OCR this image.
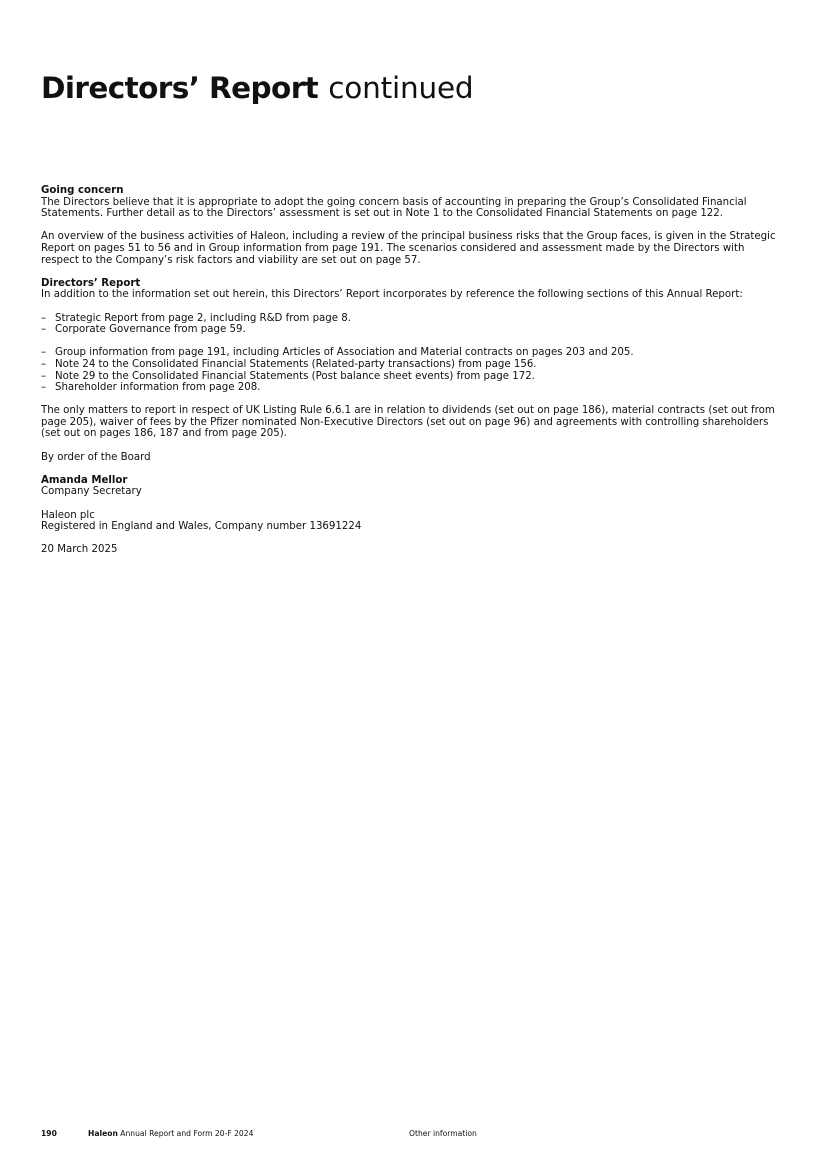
Directors’ Report continued

Going concern

The Directors believe that it is appropriate to adopt the going concern basis of accounting in preparing the Group’s Consolidated Financial Statements. Further detail as to the Directors’ assessment is set out in Note 1 to the Consolidated Financial Statements on page 122.

An overview of the business activities of Haleon, including a review of the principal business risks that the Group faces, is given in the Strategic Report on pages 51 to 56 and in Group information from page 191. The scenarios considered and assessment made by the Directors with respect to the Company’s risk factors and viability are set out on page 57.

Directors’ Report

In addition to the information set out herein, this Directors’ Report incorporates by reference the following sections of this Annual Report:

– Strategic Report from page 2, including R&D from page 8.
– Corporate Governance from page 59.
– Group information from page 191, including Articles of Association and Material contracts on pages 203 and 205.
– Note 24 to the Consolidated Financial Statements (Related-party transactions) from page 156.
– Note 29 to the Consolidated Financial Statements (Post balance sheet events) from page 172.
– Shareholder information from page 208.

The only matters to report in respect of UK Listing Rule 6.6.1 are in relation to dividends (set out on page 186), material contracts (set out from page 205), waiver of fees by the Pfizer nominated Non-Executive Directors (set out on page 96) and agreements with controlling shareholders (set out on pages 186, 187 and from page 205).

By order of the Board

Amanda Mellor

Company Secretary

Haleon plc

Registered in England and Wales, Company number 13691224

20 March 2025

190	Haleon Annual Report and Form 20-F 2024	Other information
